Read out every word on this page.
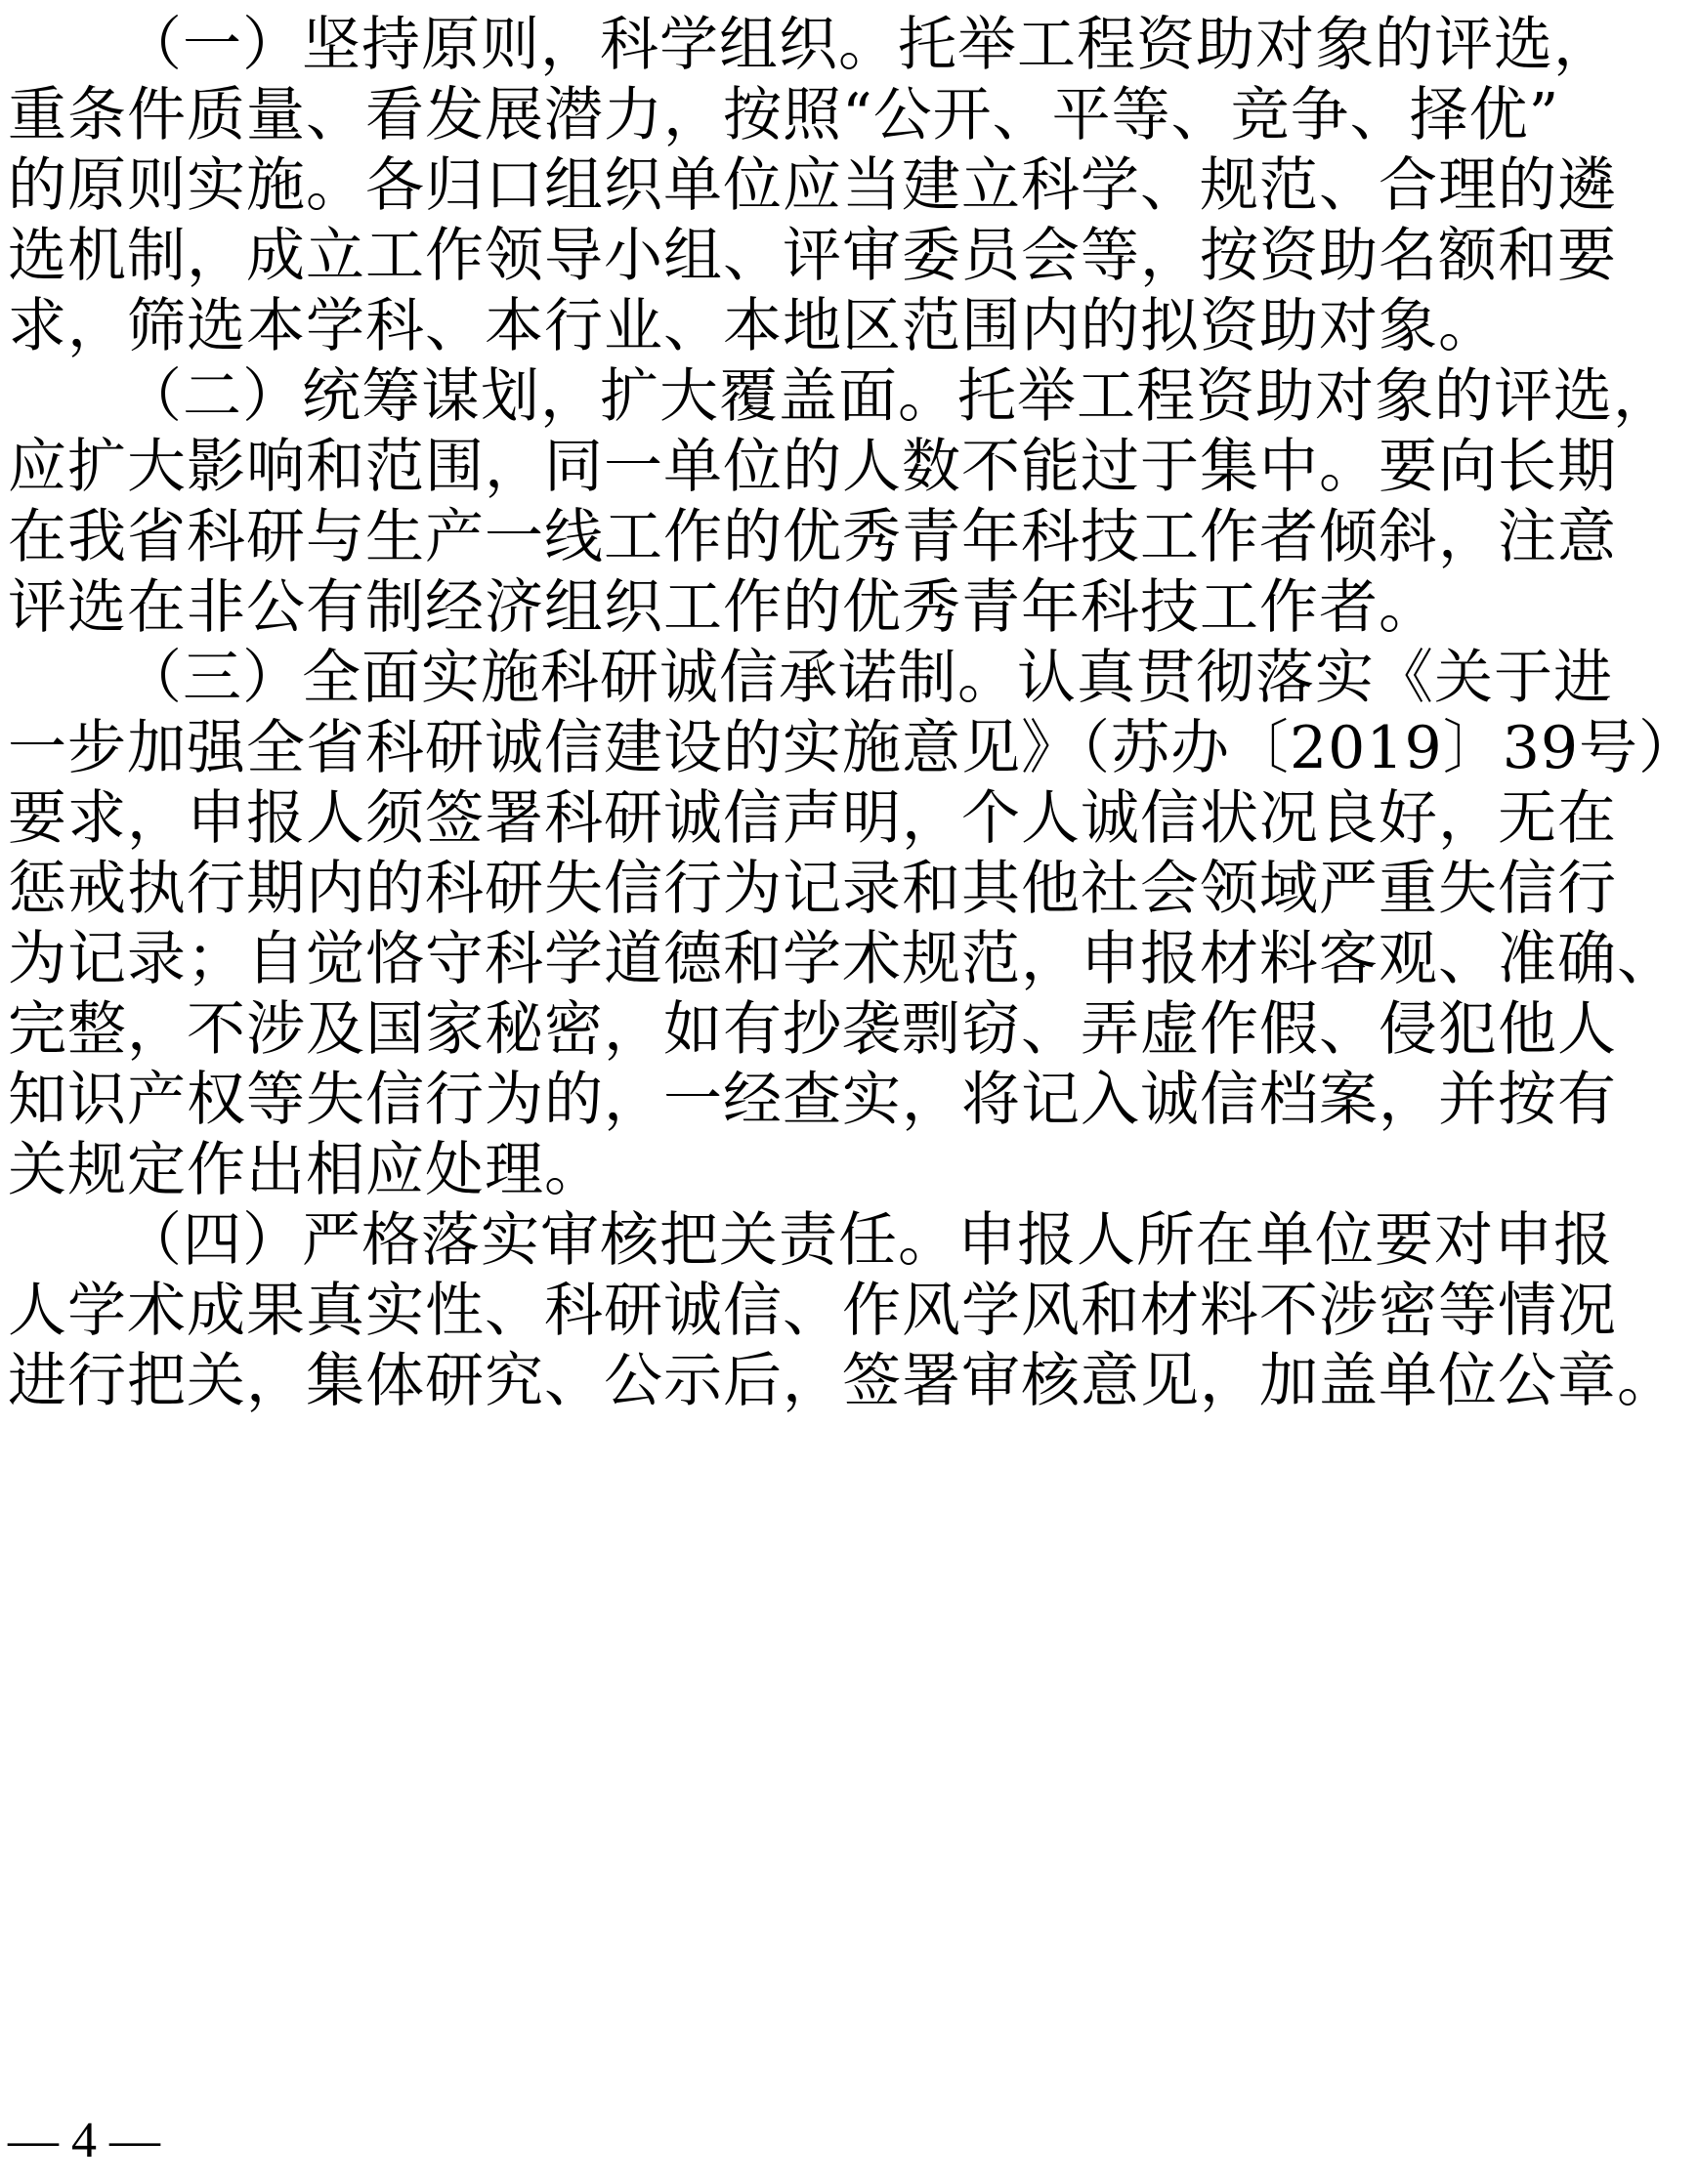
（一）坚持原则，科学组织。托举工程资助对象的评选，
重条件质量、看发展潜力，按照“公开、平等、竞争、择优”
的原则实施。各归口组织单位应当建立科学、规范、合理的遴
选机制，成立工作领导小组、评审委员会等，按资助名额和要
求，筛选本学科、本行业、本地区范围内的拟资助对象。
（二）统筹谋划，扩大覆盖面。托举工程资助对象的评选，
应扩大影响和范围，同一单位的人数不能过于集中。要向长期
在我省科研与生产一线工作的优秀青年科技工作者倾斜，注意
评选在非公有制经济组织工作的优秀青年科技工作者。
（三）全面实施科研诚信承诺制。认真贯彻落实《关于进
一步加强全省科研诚信建设的实施意见》（苏办〔2019〕39号）
要求，申报人须签署科研诚信声明，个人诚信状况良好，无在
惩戒执行期内的科研失信行为记录和其他社会领域严重失信行
为记录；自觉恪守科学道德和学术规范，申报材料客观、准确、
完整，不涉及国家秘密，如有抄袭剽窃、弄虚作假、侵犯他人
知识产权等失信行为的，一经查实，将记入诚信档案，并按有
关规定作出相应处理。
（四）严格落实审核把关责任。申报人所在单位要对申报
人学术成果真实性、科研诚信、作风学风和材料不涉密等情况
进行把关，集体研究、公示后，签署审核意见，加盖单位公章。
— 4 —
